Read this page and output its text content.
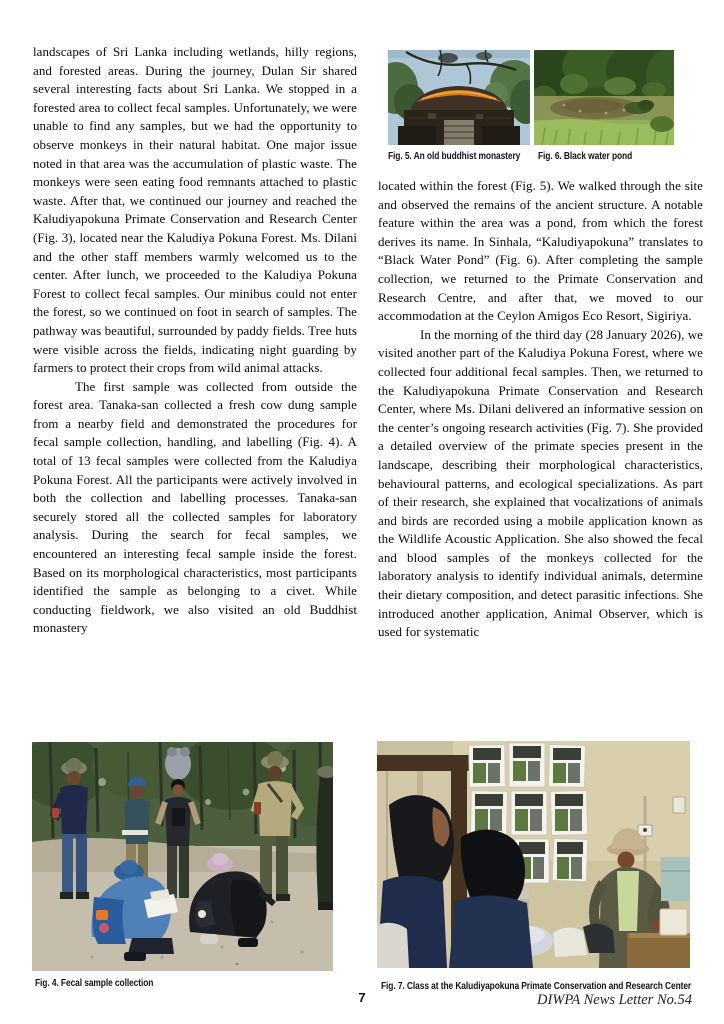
landscapes of Sri Lanka including wetlands, hilly regions, and forested areas. During the journey, Dulan Sir shared several interesting facts about Sri Lanka. We stopped in a forested area to collect fecal samples. Unfortunately, we were unable to find any samples, but we had the opportunity to observe monkeys in their natural habitat. One major issue noted in that area was the accumulation of plastic waste. The monkeys were seen eating food remnants attached to plastic waste. After that, we continued our journey and reached the Kaludiyapokuna Primate Conservation and Research Center (Fig. 3), located near the Kaludiya Pokuna Forest. Ms. Dilani and the other staff members warmly welcomed us to the center. After lunch, we proceeded to the Kaludiya Pokuna Forest to collect fecal samples. Our minibus could not enter the forest, so we continued on foot in search of samples. The pathway was beautiful, surrounded by paddy fields. Tree huts were visible across the fields, indicating night guarding by farmers to protect their crops from wild animal attacks.

The first sample was collected from outside the forest area. Tanaka-san collected a fresh cow dung sample from a nearby field and demonstrated the procedures for fecal sample collection, handling, and labelling (Fig. 4). A total of 13 fecal samples were collected from the Kaludiya Pokuna Forest. All the participants were actively involved in both the collection and labelling processes. Tanaka-san securely stored all the collected samples for laboratory analysis. During the search for fecal samples, we encountered an interesting fecal sample inside the forest. Based on its morphological characteristics, most participants identified the sample as belonging to a civet. While conducting fieldwork, we also visited an old Buddhist monastery

located within the forest (Fig. 5). We walked through the site and observed the remains of the ancient structure. A notable feature within the area was a pond, from which the forest derives its name. In Sinhala, “Kaludiyapokuna” translates to “Black Water Pond” (Fig. 6). After completing the sample collection, we returned to the Primate Conservation and Research Centre, and after that, we moved to our accommodation at the Ceylon Amigos Eco Resort, Sigiriya.

In the morning of the third day (28 January 2026), we visited another part of the Kaludiya Pokuna Forest, where we collected four additional fecal samples. Then, we returned to the Kaludiyapokuna Primate Conservation and Research Center, where Ms. Dilani delivered an informative session on the center’s ongoing research activities (Fig. 7). She provided a detailed overview of the primate species present in the landscape, describing their morphological characteristics, behavioural patterns, and ecological specializations. As part of their research, she explained that vocalizations of animals and birds are recorded using a mobile application known as the Wildlife Acoustic Application. She also showed the fecal and blood samples of the monkeys collected for the laboratory analysis to identify individual animals, determine their dietary composition, and detect parasitic infections. She introduced another application, Animal Observer, which is used for systematic

Fig. 5. An old buddhist monastery Fig. 6. Black water pond
Fig. 4. Fecal sample collection	Fig. 7. Class at the Kaludiyapokuna Primate Conservation and Research Center
7	DIWPA News Letter No.54
